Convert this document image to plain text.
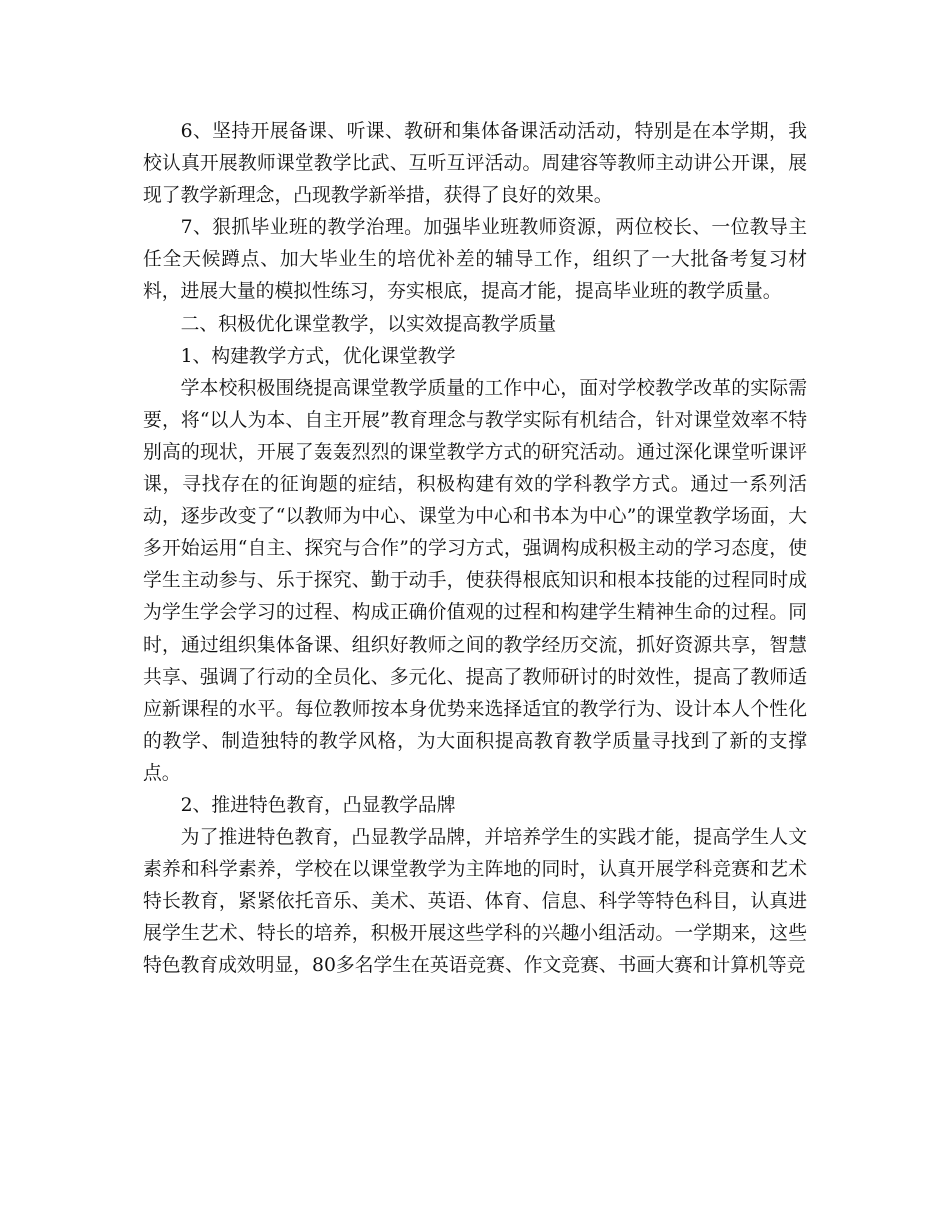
6、坚持开展备课、听课、教研和集体备课活动活动，特别是在本学期，我校认真开展教师课堂教学比武、互听互评活动。周建容等教师主动讲公开课，展现了教学新理念，凸现教学新举措，获得了良好的效果。

7、狠抓毕业班的教学治理。加强毕业班教师资源，两位校长、一位教导主任全天候蹲点、加大毕业生的培优补差的辅导工作，组织了一大批备考复习材料，进展大量的模拟性练习，夯实根底，提高才能，提高毕业班的教学质量。

二、积极优化课堂教学，以实效提高教学质量

1、构建教学方式，优化课堂教学

学本校积极围绕提高课堂教学质量的工作中心，面对学校教学改革的实际需要，将“以人为本、自主开展”教育理念与教学实际有机结合，针对课堂效率不特别高的现状，开展了轰轰烈烈的课堂教学方式的研究活动。通过深化课堂听课评课，寻找存在的征询题的症结，积极构建有效的学科教学方式。通过一系列活动，逐步改变了“以教师为中心、课堂为中心和书本为中心”的课堂教学场面，大多开始运用“自主、探究与合作”的学习方式，强调构成积极主动的学习态度，使学生主动参与、乐于探究、勤于动手，使获得根底知识和根本技能的过程同时成为学生学会学习的过程、构成正确价值观的过程和构建学生精神生命的过程。同时，通过组织集体备课、组织好教师之间的教学经历交流，抓好资源共享，智慧共享、强调了行动的全员化、多元化、提高了教师研讨的时效性，提高了教师适应新课程的水平。每位教师按本身优势来选择适宜的教学行为、设计本人个性化的教学、制造独特的教学风格，为大面积提高教育教学质量寻找到了新的支撑点。

2、推进特色教育，凸显教学品牌

为了推进特色教育，凸显教学品牌，并培养学生的实践才能，提高学生人文素养和科学素养，学校在以课堂教学为主阵地的同时，认真开展学科竞赛和艺术特长教育，紧紧依托音乐、美术、英语、体育、信息、科学等特色科目，认真进展学生艺术、特长的培养，积极开展这些学科的兴趣小组活动。一学期来，这些特色教育成效明显，80多名学生在英语竞赛、作文竞赛、书画大赛和计算机等竞
